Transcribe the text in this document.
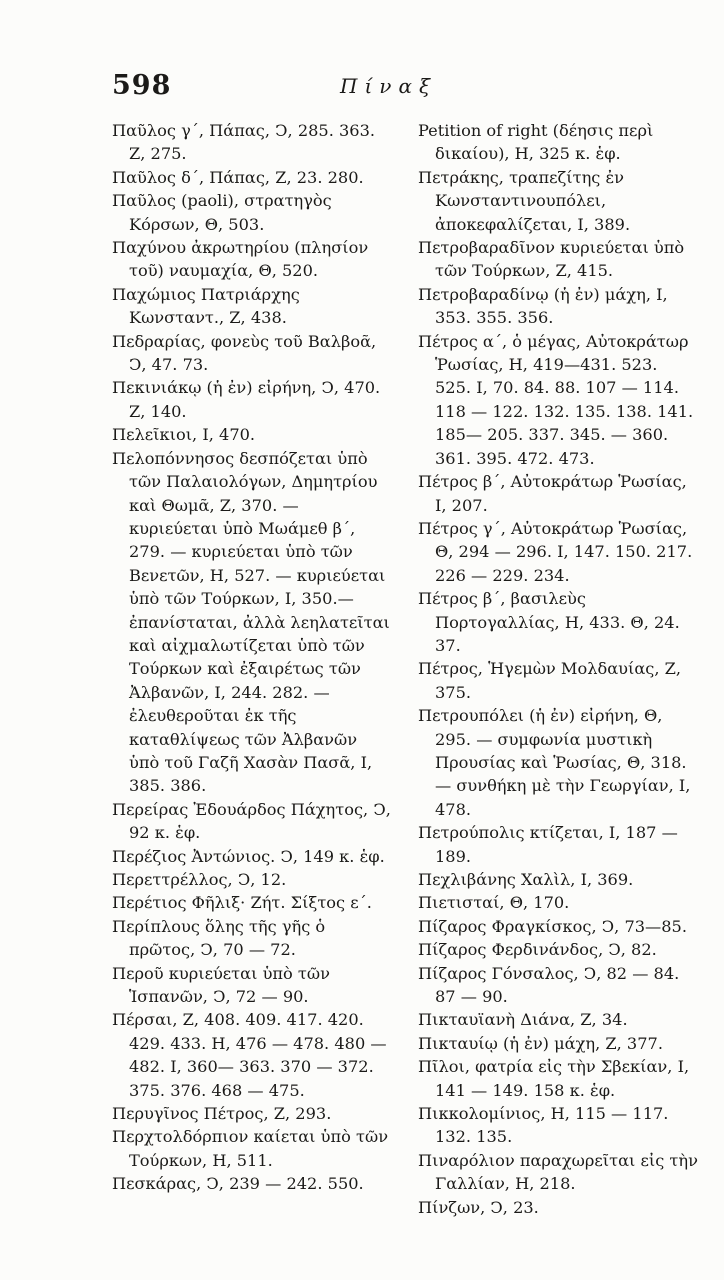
598	Πίναξ

Παῦλος γ΄, Πάπας, Ͻ, 285. 363. Ζ, 275.

Παῦλος δ΄, Πάπας, Ζ, 23. 280.

Παῦλος (paoli), στρατηγὸς Κόρσων, Θ, 503.

Παχύνου ἀκρωτηρίου (πλησίον τοῦ) ναυμαχία, Θ, 520.

Παχώμιος Πατριάρχης Κωνσταντ., Ζ, 438.

Πεδραρίας, φονεὺς τοῦ Βαλβοᾶ, Ͻ, 47. 73.

Πεκινιάκῳ (ἡ ἐν) εἰρήνη, Ͻ, 470. Ζ, 140.

Πελεῖκιοι, Ι, 470.

Πελοπόννησος δεσπόζεται ὑπὸ τῶν Παλαιολόγων, Δημητρίου καὶ Θωμᾶ, Ζ, 370. — κυριεύεται ὑπὸ Μωάμεθ β΄, 279. — κυριεύεται ὑπὸ τῶν Βενετῶν, Η, 527. — κυριεύεται ὑπὸ τῶν Τούρκων, Ι, 350.— ἐπανίσταται, ἀλλὰ λεηλατεῖται καὶ αἰχμαλωτίζεται ὑπὸ τῶν Τούρκων καὶ ἐξαιρέτως τῶν Ἀλβανῶν, Ι, 244. 282. — ἐλευθεροῦται ἐκ τῆς καταθλίψεως τῶν Ἀλβανῶν ὑπὸ τοῦ Γαζῆ Χασὰν Πασᾶ, Ι, 385. 386.

Περείρας Ἐδουάρδος Πάχητος, Ͻ, 92 κ. ἑφ.

Περέζιος Ἀντώνιος. Ͻ, 149 κ. ἑφ.

Περεττρέλλος, Ͻ, 12.

Περέτιος Φῆλιξ· Ζήτ. Σίξτος ε΄.

Περίπλους ὅλης τῆς γῆς ὁ πρῶτος, Ͻ, 70 — 72.

Περοῦ κυριεύεται ὑπὸ τῶν Ἱσπανῶν, Ͻ, 72 — 90.

Πέρσαι, Ζ, 408. 409. 417. 420. 429. 433. Η, 476 — 478. 480 — 482. Ι, 360— 363. 370 — 372. 375. 376. 468 — 475.

Περυγῖνος Πέτρος, Ζ, 293.

Περχτολδόρπιον καίεται ὑπὸ τῶν Τούρκων, Η, 511.

Πεσκάρας, Ͻ, 239 — 242. 550.

Petition of right (δέησις περὶ δικαίου), Η, 325 κ. ἑφ.

Πετράκης, τραπεζίτης ἐν Κωνσταντινουπόλει, ἀποκεφαλίζεται, Ι, 389.

Πετροβαραδῖνον κυριεύεται ὑπὸ τῶν Τούρκων, Ζ, 415.

Πετροβαραδίνῳ (ἡ ἐν) μάχη, Ι, 353. 355. 356.

Πέτρος α΄, ὁ μέγας, Αὐτοκράτωρ Ῥωσίας, Η, 419—431. 523. 525. Ι, 70. 84. 88. 107 — 114. 118 — 122. 132. 135. 138. 141. 185— 205. 337. 345. — 360. 361. 395. 472. 473.

Πέτρος β΄, Αὐτοκράτωρ Ῥωσίας, Ι, 207.

Πέτρος γ΄, Αὐτοκράτωρ Ῥωσίας, Θ, 294 — 296. Ι, 147. 150. 217. 226 — 229. 234.

Πέτρος β΄, βασιλεὺς Πορτογαλλίας, Η, 433. Θ, 24. 37.

Πέτρος, Ἡγεμὼν Μολδαυίας, Ζ, 375.

Πετρουπόλει (ἡ ἐν) εἰρήνη, Θ, 295. — συμφωνία μυστικὴ Προυσίας καὶ Ῥωσίας, Θ, 318. — συνθήκη μὲ τὴν Γεωργίαν, Ι, 478.

Πετρούπολις κτίζεται, Ι, 187 — 189.

Πεχλιβάνης Χαλὶλ, Ι, 369.

Πιετισταί, Θ, 170.

Πίζαρος Φραγκίσκος, Ͻ, 73—85.

Πίζαρος Φερδινάνδος, Ͻ, 82.

Πίζαρος Γόνσαλος, Ͻ, 82 — 84. 87 — 90.

Πικταυϊανὴ Διάνα, Ζ, 34.

Πικταυίῳ (ἡ ἐν) μάχη, Ζ, 377.

Πῖλοι, φατρία εἰς τὴν Σβεκίαν, Ι, 141 — 149. 158 κ. ἑφ.

Πικκολομίνιος, Η, 115 — 117. 132. 135.

Πιναρόλιον παραχωρεῖται εἰς τὴν Γαλλίαν, Η, 218.

Πίνζων, Ͻ, 23.
